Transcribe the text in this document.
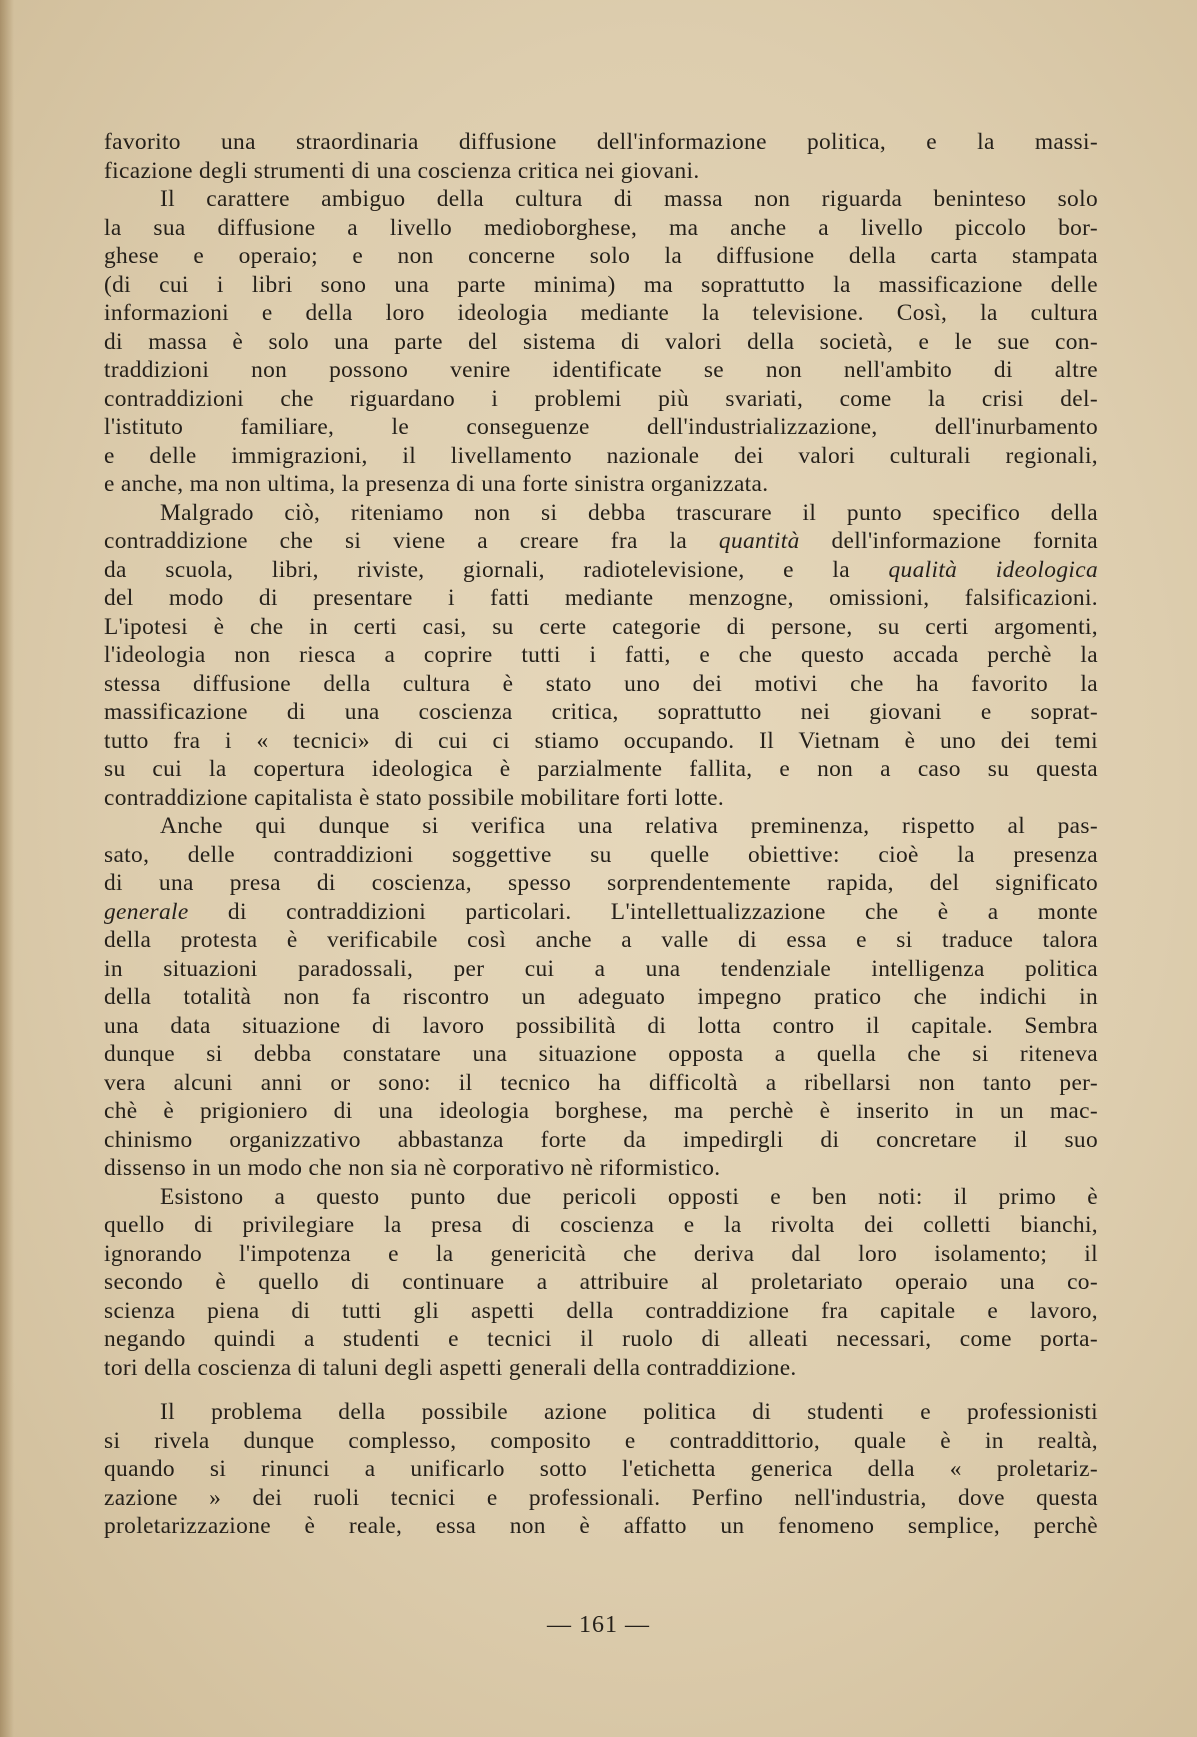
favorito una straordinaria diffusione dell'informazione politica, e la massi-
ficazione degli strumenti di una coscienza critica nei giovani.
Il carattere ambiguo della cultura di massa non riguarda beninteso solo
la sua diffusione a livello medioborghese, ma anche a livello piccolo bor-
ghese e operaio; e non concerne solo la diffusione della carta stampata
(di cui i libri sono una parte minima) ma soprattutto la massificazione delle
informazioni e della loro ideologia mediante la televisione. Così, la cultura
di massa è solo una parte del sistema di valori della società, e le sue con-
traddizioni non possono venire identificate se non nell'ambito di altre
contraddizioni che riguardano i problemi più svariati, come la crisi del-
l'istituto familiare, le conseguenze dell'industrializzazione, dell'inurbamento
e delle immigrazioni, il livellamento nazionale dei valori culturali regionali,
e anche, ma non ultima, la presenza di una forte sinistra organizzata.
Malgrado ciò, riteniamo non si debba trascurare il punto specifico della
contraddizione che si viene a creare fra la quantità dell'informazione fornita
da scuola, libri, riviste, giornali, radiotelevisione, e la qualità ideologica
del modo di presentare i fatti mediante menzogne, omissioni, falsificazioni.
L'ipotesi è che in certi casi, su certe categorie di persone, su certi argomenti,
l'ideologia non riesca a coprire tutti i fatti, e che questo accada perchè la
stessa diffusione della cultura è stato uno dei motivi che ha favorito la
massificazione di una coscienza critica, soprattutto nei giovani e soprat-
tutto fra i « tecnici» di cui ci stiamo occupando. Il Vietnam è uno dei temi
su cui la copertura ideologica è parzialmente fallita, e non a caso su questa
contraddizione capitalista è stato possibile mobilitare forti lotte.
Anche qui dunque si verifica una relativa preminenza, rispetto al pas-
sato, delle contraddizioni soggettive su quelle obiettive: cioè la presenza
di una presa di coscienza, spesso sorprendentemente rapida, del significato
generale di contraddizioni particolari. L'intellettualizzazione che è a monte
della protesta è verificabile così anche a valle di essa e si traduce talora
in situazioni paradossali, per cui a una tendenziale intelligenza politica
della totalità non fa riscontro un adeguato impegno pratico che indichi in
una data situazione di lavoro possibilità di lotta contro il capitale. Sembra
dunque si debba constatare una situazione opposta a quella che si riteneva
vera alcuni anni or sono: il tecnico ha difficoltà a ribellarsi non tanto per-
chè è prigioniero di una ideologia borghese, ma perchè è inserito in un mac-
chinismo organizzativo abbastanza forte da impedirgli di concretare il suo
dissenso in un modo che non sia nè corporativo nè riformistico.
Esistono a questo punto due pericoli opposti e ben noti: il primo è
quello di privilegiare la presa di coscienza e la rivolta dei colletti bianchi,
ignorando l'impotenza e la genericità che deriva dal loro isolamento; il
secondo è quello di continuare a attribuire al proletariato operaio una co-
scienza piena di tutti gli aspetti della contraddizione fra capitale e lavoro,
negando quindi a studenti e tecnici il ruolo di alleati necessari, come porta-
tori della coscienza di taluni degli aspetti generali della contraddizione.
Il problema della possibile azione politica di studenti e professionisti
si rivela dunque complesso, composito e contraddittorio, quale è in realtà,
quando si rinunci a unificarlo sotto l'etichetta generica della « proletariz-
zazione » dei ruoli tecnici e professionali. Perfino nell'industria, dove questa
proletarizzazione è reale, essa non è affatto un fenomeno semplice, perchè
— 161 —
